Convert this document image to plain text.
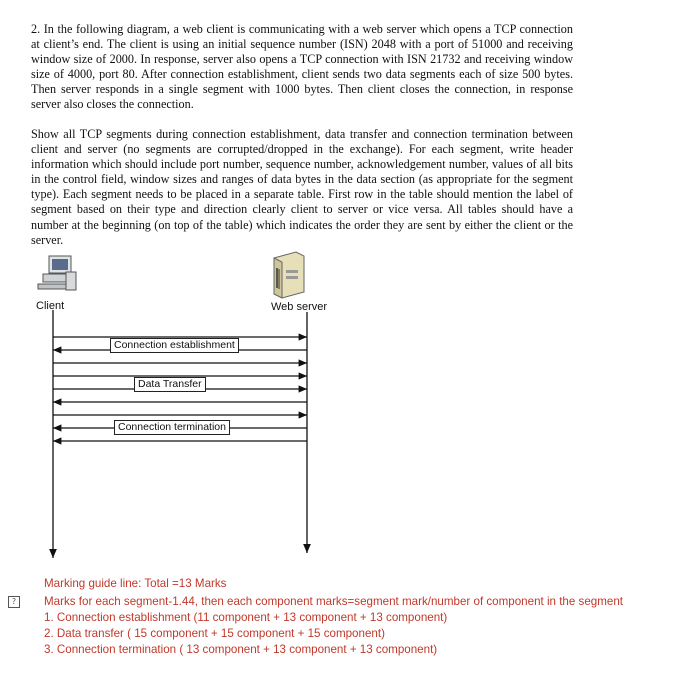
2. In the following diagram, a web client is communicating with a web server which opens a TCP connection at client’s end. The client is using an initial sequence number (ISN) 2048 with a port of 51000 and receiving window size of 2000. In response, server also opens a TCP connection with ISN 21732 and receiving window size of 4000, port 80. After connection establishment, client sends two data segments each of size 500 bytes. Then server responds in a single segment with 1000 bytes. Then client closes the connection, in response server also closes the connection.
Show all TCP segments during connection establishment, data transfer and connection termination between client and server (no segments are corrupted/dropped in the exchange). For each segment, write header information which should include port number, sequence number, acknowledgement number, values of all bits in the control field, window sizes and ranges of data bytes in the data section (as appropriate for the segment type). Each segment needs to be placed in a separate table. First row in the table should mention the label of segment based on their type and direction clearly client to server or vice versa. All tables should have a number at the beginning (on top of the table) which indicates the order they are sent by either the client or the server.
Client	Web server
Connection establishment
Data Transfer
Connection termination
Marking guide line: Total =13 Marks
?	Marks for each segment-1.44, then each component marks=segment mark/number of component in the segment
1. Connection establishment (11 component + 13 component + 13 component)
2. Data transfer ( 15 component + 15 component + 15 component)
3. Connection termination ( 13 component + 13 component + 13 component)
